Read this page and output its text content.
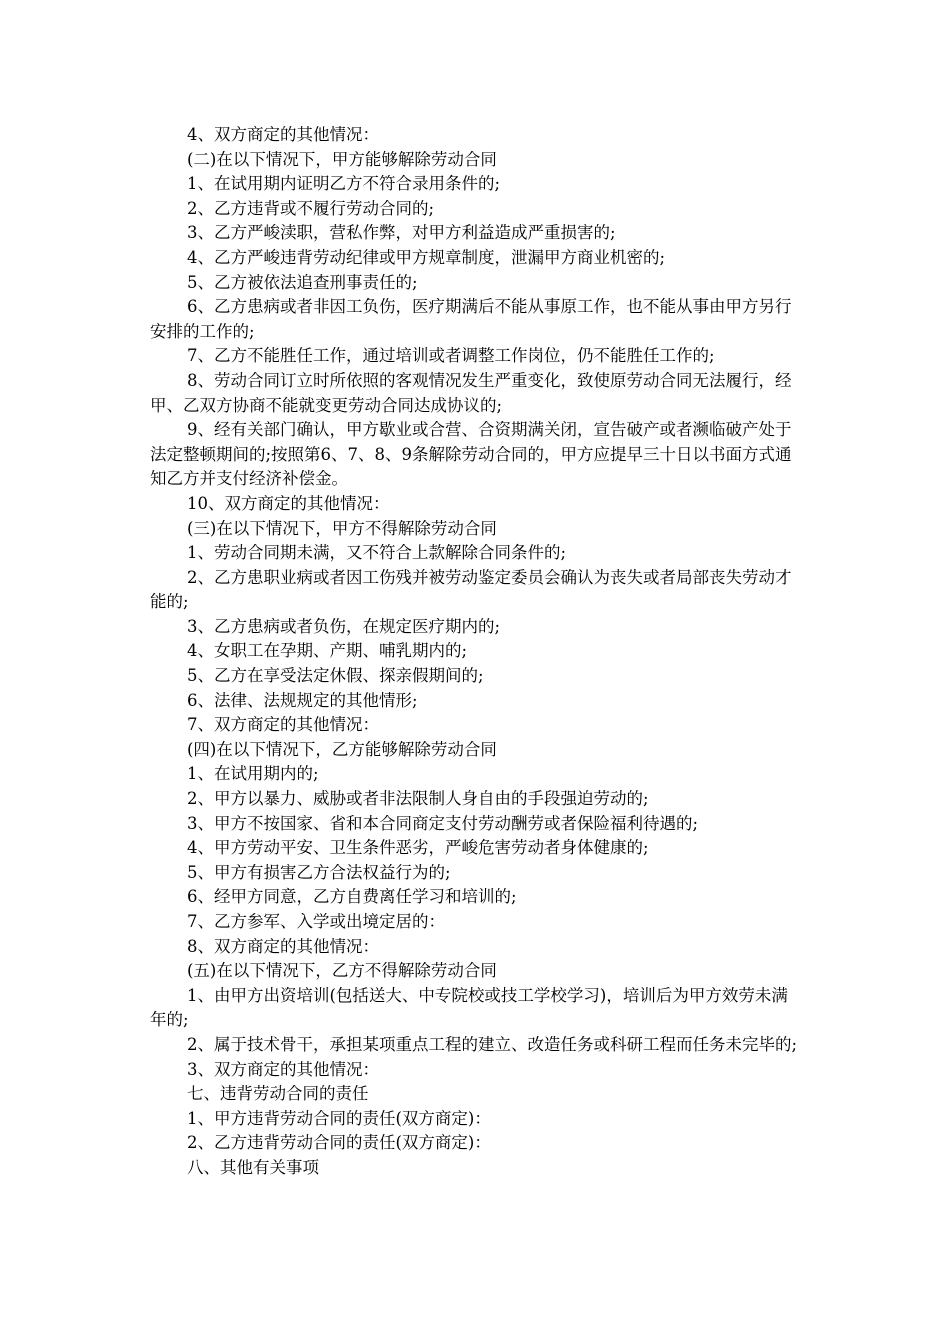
4、双方商定的其他情况：

(二)在以下情况下，甲方能够解除劳动合同

1、在试用期内证明乙方不符合录用条件的;

2、乙方违背或不履行劳动合同的;

3、乙方严峻渎职，营私作弊，对甲方利益造成严重损害的;

4、乙方严峻违背劳动纪律或甲方规章制度，泄漏甲方商业机密的;

5、乙方被依法追查刑事责任的;

6、乙方患病或者非因工负伤，医疗期满后不能从事原工作，也不能从事由甲方另行安排的工作的;

7、乙方不能胜任工作，通过培训或者调整工作岗位，仍不能胜任工作的;

8、劳动合同订立时所依照的客观情况发生严重变化，致使原劳动合同无法履行，经甲、乙双方协商不能就变更劳动合同达成协议的;

9、经有关部门确认，甲方歇业或合营、合资期满关闭，宣告破产或者濒临破产处于法定整顿期间的;按照第6、7、8、9条解除劳动合同的，甲方应提早三十日以书面方式通知乙方并支付经济补偿金。

10、双方商定的其他情况：

(三)在以下情况下，甲方不得解除劳动合同

1、劳动合同期未满，又不符合上款解除合同条件的;

2、乙方患职业病或者因工伤残并被劳动鉴定委员会确认为丧失或者局部丧失劳动才能的;

3、乙方患病或者负伤，在规定医疗期内的;

4、女职工在孕期、产期、哺乳期内的;

5、乙方在享受法定休假、探亲假期间的;

6、法律、法规规定的其他情形;

7、双方商定的其他情况：

(四)在以下情况下，乙方能够解除劳动合同

1、在试用期内的;

2、甲方以暴力、威胁或者非法限制人身自由的手段强迫劳动的;

3、甲方不按国家、省和本合同商定支付劳动酬劳或者保险福利待遇的;

4、甲方劳动平安、卫生条件恶劣，严峻危害劳动者身体健康的;

5、甲方有损害乙方合法权益行为的;

6、经甲方同意，乙方自费离任学习和培训的;

7、乙方参军、入学或出境定居的：

8、双方商定的其他情况：

(五)在以下情况下，乙方不得解除劳动合同

1、由甲方出资培训(包括送大、中专院校或技工学校学习)，培训后为甲方效劳未满 年的;

2、属于技术骨干，承担某项重点工程的建立、改造任务或科研工程而任务未完毕的;

3、双方商定的其他情况：

七、违背劳动合同的责任

1、甲方违背劳动合同的责任(双方商定)：

2、乙方违背劳动合同的责任(双方商定)：

八、其他有关事项
